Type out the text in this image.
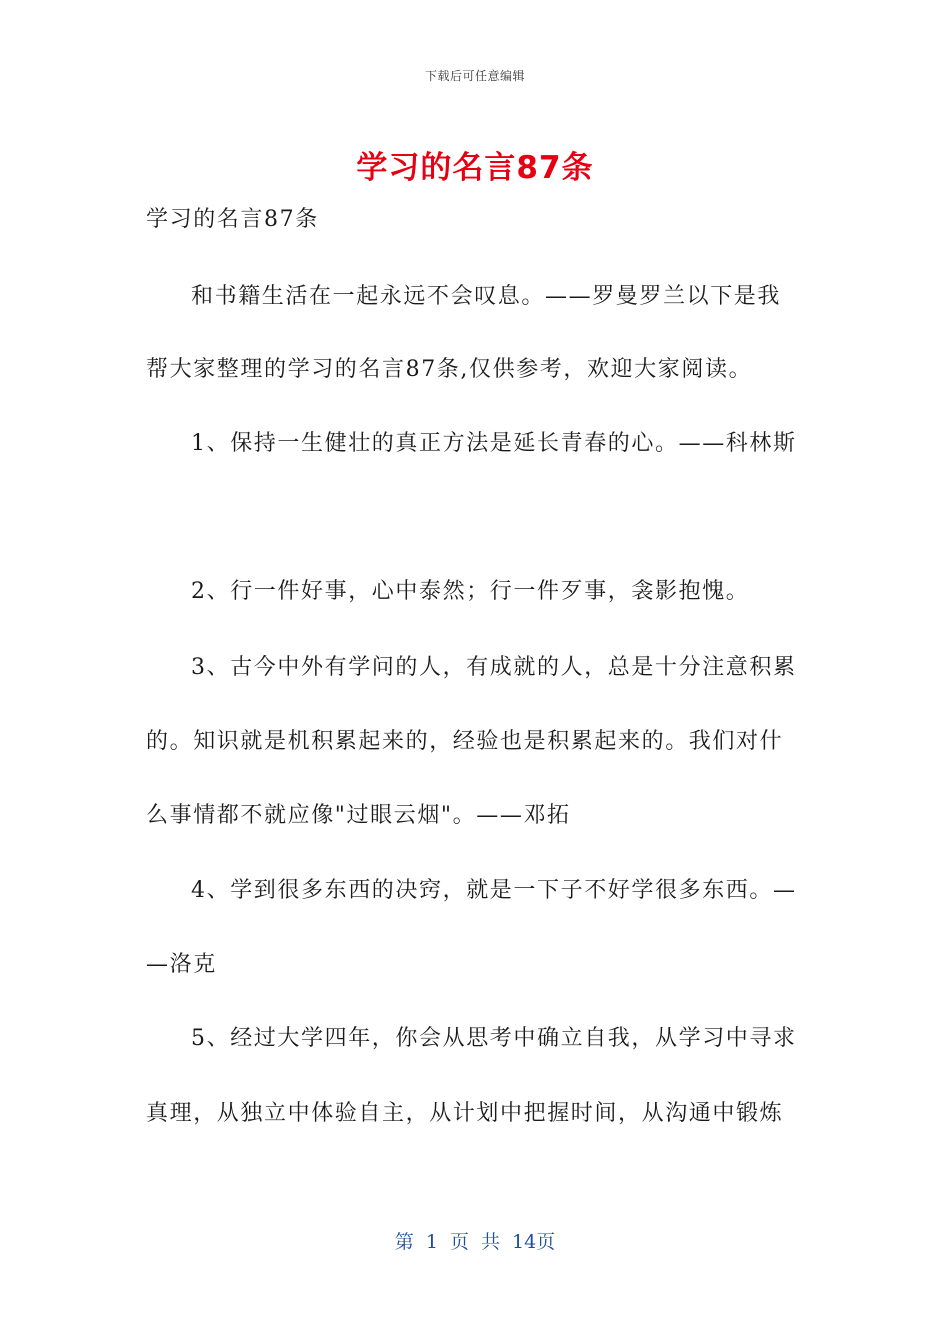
下载后可任意编辑
学习的名言87条
学习的名言87条
和书籍生活在一起永远不会叹息。——罗曼罗兰以下是我
帮大家整理的学习的名言87条,仅供参考，欢迎大家阅读。
1、保持一生健壮的真正方法是延长青春的心。——科林斯
2、行一件好事，心中泰然；行一件歹事，衾影抱愧。
3、古今中外有学问的人，有成就的人，总是十分注意积累
的。知识就是机积累起来的，经验也是积累起来的。我们对什
么事情都不就应像"过眼云烟"。——邓拓
4、学到很多东西的决窍，就是一下子不好学很多东西。—
—洛克
5、经过大学四年，你会从思考中确立自我，从学习中寻求
真理，从独立中体验自主，从计划中把握时间，从沟通中锻炼
第 1 页 共 14页
